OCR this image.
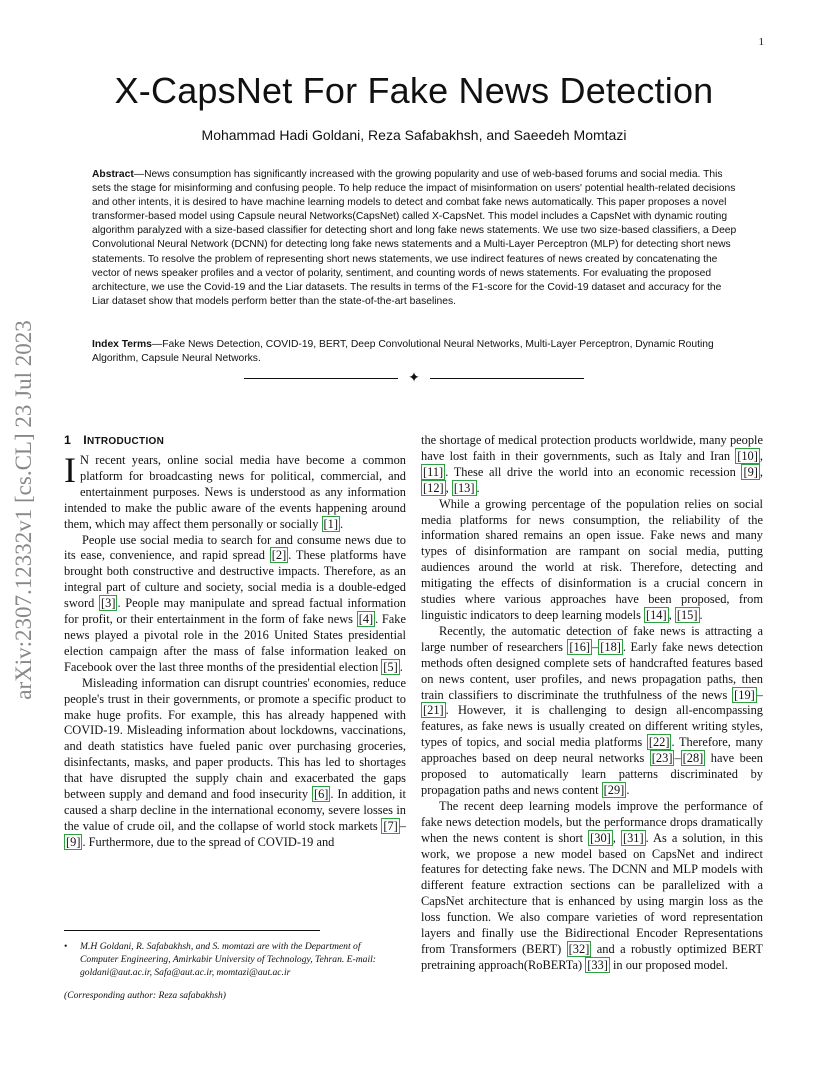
1
arXiv:2307.12332v1 [cs.CL] 23 Jul 2023
X-CapsNet For Fake News Detection
Mohammad Hadi Goldani, Reza Safabakhsh, and Saeedeh Momtazi
Abstract—News consumption has significantly increased with the growing popularity and use of web-based forums and social media. This sets the stage for misinforming and confusing people. To help reduce the impact of misinformation on users' potential health-related decisions and other intents, it is desired to have machine learning models to detect and combat fake news automatically. This paper proposes a novel transformer-based model using Capsule neural Networks(CapsNet) called X-CapsNet. This model includes a CapsNet with dynamic routing algorithm paralyzed with a size-based classifier for detecting short and long fake news statements. We use two size-based classifiers, a Deep Convolutional Neural Network (DCNN) for detecting long fake news statements and a Multi-Layer Perceptron (MLP) for detecting short news statements. To resolve the problem of representing short news statements, we use indirect features of news created by concatenating the vector of news speaker profiles and a vector of polarity, sentiment, and counting words of news statements. For evaluating the proposed architecture, we use the Covid-19 and the Liar datasets. The results in terms of the F1-score for the Covid-19 dataset and accuracy for the Liar dataset show that models perform better than the state-of-the-art baselines.
Index Terms—Fake News Detection, COVID-19, BERT, Deep Convolutional Neural Networks, Multi-Layer Perceptron, Dynamic Routing Algorithm, Capsule Neural Networks.
✦
1 INTRODUCTION

I N recent years, online social media have become a common platform for broadcasting news for political, commercial, and entertainment purposes. News is understood as any information intended to make the public aware of the events happening around them, which may affect them personally or socially [1] .

People use social media to search for and consume news due to its ease, convenience, and rapid spread [2] . These platforms have brought both constructive and destructive impacts. Therefore, as an integral part of culture and society, social media is a double-edged sword [3] . People may manipulate and spread factual information for profit, or their entertainment in the form of fake news [4] . Fake news played a pivotal role in the 2016 United States presidential election campaign after the mass of false information leaked on Facebook over the last three months of the presidential election [5] .

Misleading information can disrupt countries' economies, reduce people's trust in their governments, or promote a specific product to make huge profits. For example, this has already happened with COVID-19. Misleading information about lockdowns, vaccinations, and death statistics have fueled panic over purchasing groceries, disinfectants, masks, and paper products. This has led to shortages that have disrupted the supply chain and exacerbated the gaps between supply and demand and food insecurity [6] . In addition, it caused a sharp decline in the international economy, severe losses in the value of crude oil, and the collapse of world stock markets [7] –[9] . Furthermore, due to the spread of COVID-19 and

the shortage of medical protection products worldwide, many people have lost faith in their governments, such as Italy and Iran [10] , [11] . These all drive the world into an economic recession [9] , [12] , [13] .

While a growing percentage of the population relies on social media platforms for news consumption, the reliability of the information shared remains an open issue. Fake news and many types of disinformation are rampant on social media, putting audiences around the world at risk. Therefore, detecting and mitigating the effects of disinformation is a crucial concern in studies where various approaches have been proposed, from linguistic indicators to deep learning models [14] , [15] .

Recently, the automatic detection of fake news is attracting a large number of researchers [16] – [18] . Early fake news detection methods often designed complete sets of handcrafted features based on news content, user profiles, and news propagation paths, then train classifiers to discriminate the truthfulness of the news [19] –[21] . However, it is challenging to design all-encompassing features, as fake news is usually created on different writing styles, types of topics, and social media platforms [22] . Therefore, many approaches based on deep neural networks [23] – [28] have been proposed to automatically learn patterns discriminated by propagation paths and news content [29] .

The recent deep learning models improve the performance of fake news detection models, but the performance drops dramatically when the news content is short [30] , [31] . As a solution, in this work, we propose a new model based on CapsNet and indirect features for detecting fake news. The DCNN and MLP models with different feature extraction sections can be parallelized with a CapsNet architecture that is enhanced by using margin loss as the loss function. We also compare varieties of word representation layers and finally use the Bidirectional Encoder Representations from Transformers (BERT) [32] and a robustly optimized BERT pretraining approach(RoBERTa) [33] in our proposed model.

• M.H Goldani, R. Safabakhsh, and S. momtazi are with the Department of Computer Engineering, Amirkabir University of Technology, Tehran. E-mail: goldani@aut.ac.ir, Safa@aut.ac.ir, momtazi@aut.ac.ir
(Corresponding author: Reza safabakhsh)
